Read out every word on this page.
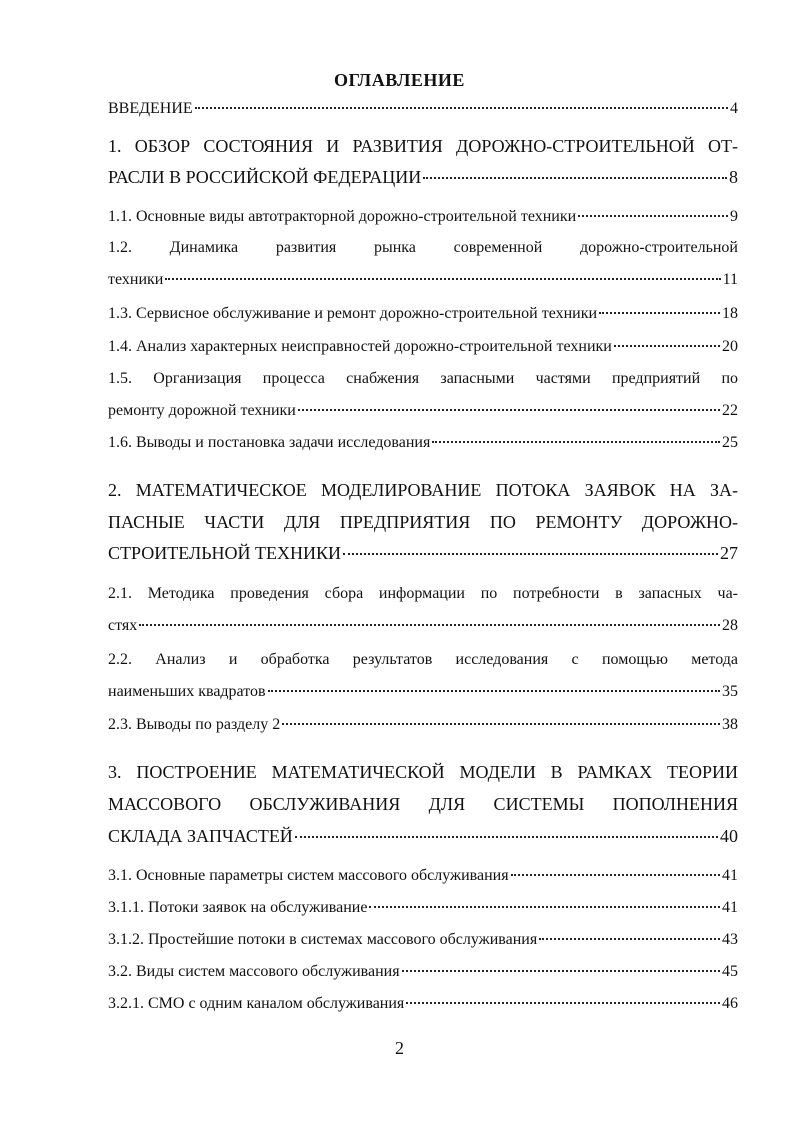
ОГЛАВЛЕНИЕ
ВВЕДЕНИЕ	4
1. ОБЗОР СОСТОЯНИЯ И РАЗВИТИЯ ДОРОЖНО-СТРОИТЕЛЬНОЙ ОТ-
РАСЛИ В РОССИЙСКОЙ ФЕДЕРАЦИИ	8
1.1. Основные виды автотракторной дорожно-строительной техники	9
1.2. Динамика развития рынка современной дорожно-строительной
техники	11
1.3. Сервисное обслуживание и ремонт дорожно-строительной техники	18
1.4. Анализ характерных неисправностей дорожно-строительной техники	20
1.5. Организация процесса снабжения запасными частями предприятий по
ремонту дорожной техники	22
1.6. Выводы и постановка задачи исследования	25
2. МАТЕМАТИЧЕСКОЕ МОДЕЛИРОВАНИЕ ПОТОКА ЗАЯВОК НА ЗА-
ПАСНЫЕ ЧАСТИ ДЛЯ ПРЕДПРИЯТИЯ ПО РЕМОНТУ ДОРОЖНО-
СТРОИТЕЛЬНОЙ ТЕХНИКИ	27
2.1. Методика проведения сбора информации по потребности в запасных ча-
стях	28
2.2. Анализ и обработка результатов исследования с помощью метода
наименьших квадратов	35
2.3. Выводы по разделу 2	38
3. ПОСТРОЕНИЕ МАТЕМАТИЧЕСКОЙ МОДЕЛИ В РАМКАХ ТЕОРИИ
МАССОВОГО ОБСЛУЖИВАНИЯ ДЛЯ СИСТЕМЫ ПОПОЛНЕНИЯ
СКЛАДА ЗАПЧАСТЕЙ	40
3.1. Основные параметры систем массового обслуживания	41
3.1.1. Потоки заявок на обслуживание	41
3.1.2. Простейшие потоки в системах массового обслуживания	43
3.2. Виды систем массового обслуживания	45
3.2.1. СМО с одним каналом обслуживания	46
2
